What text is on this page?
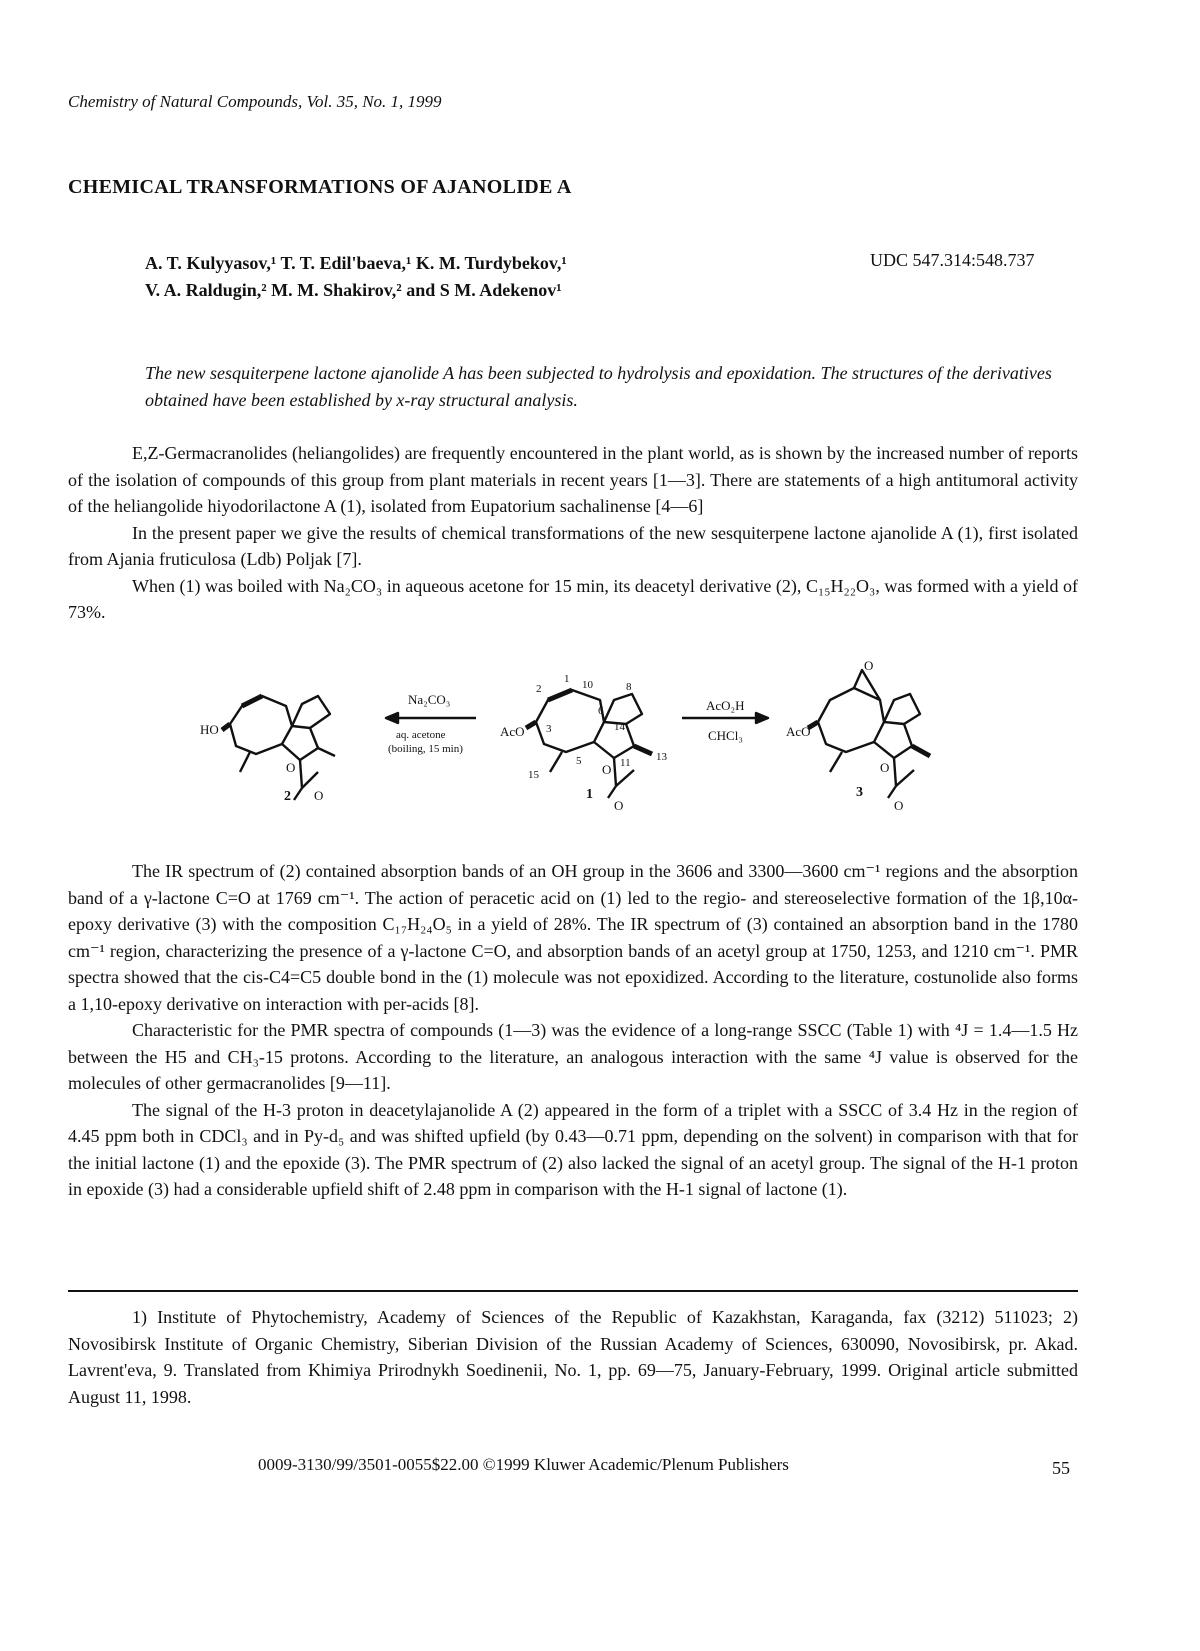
Chemistry of Natural Compounds, Vol. 35, No. 1, 1999
CHEMICAL TRANSFORMATIONS OF AJANOLIDE A
A. T. Kulyyasov,¹ T. T. Edil'baeva,¹ K. M. Turdybekov,¹
V. A. Raldugin,² M. M. Shakirov,² and S M. Adekenov¹
UDC 547.314:548.737
The new sesquiterpene lactone ajanolide A has been subjected to hydrolysis and epoxidation. The structures of the derivatives obtained have been established by x-ray structural analysis.

E,Z-Germacranolides (heliangolides) are frequently encountered in the plant world, as is shown by the increased number of reports of the isolation of compounds of this group from plant materials in recent years [1—3]. There are statements of a high antitumoral activity of the heliangolide hiyodorilactone A (1), isolated from Eupatorium sachalinense [4—6]

In the present paper we give the results of chemical transformations of the new sesquiterpene lactone ajanolide A (1), first isolated from Ajania fruticulosa (Ldb) Poljak [7].

When (1) was boiled with Na₂CO₃ in aqueous acetone for 15 min, its deacetyl derivative (2), C₁₅H₂₂O₃, was formed with a yield of 73%.

HO
O
O
AcO
O
O
AcO
O
O
O
1
2
3
5
6
8
10
11 13
14
15
Na₂CO₃
aq. acetone
(boiling, 15 min)
AcO₂H
CHCl₃
2	1	3

The IR spectrum of (2) contained absorption bands of an OH group in the 3606 and 3300—3600 cm⁻¹ regions and the absorption band of a γ-lactone C=O at 1769 cm⁻¹. The action of peracetic acid on (1) led to the regio- and stereoselective formation of the 1β,10α-epoxy derivative (3) with the composition C₁₇H₂₄O₅ in a yield of 28%. The IR spectrum of (3) contained an absorption band in the 1780 cm⁻¹ region, characterizing the presence of a γ-lactone C=O, and absorption bands of an acetyl group at 1750, 1253, and 1210 cm⁻¹. PMR spectra showed that the cis-C4=C5 double bond in the (1) molecule was not epoxidized. According to the literature, costunolide also forms a 1,10-epoxy derivative on interaction with per-acids [8].

Characteristic for the PMR spectra of compounds (1—3) was the evidence of a long-range SSCC (Table 1) with ⁴J = 1.4—1.5 Hz between the H5 and CH₃-15 protons. According to the literature, an analogous interaction with the same ⁴J value is observed for the molecules of other germacranolides [9—11].

The signal of the H-3 proton in deacetylajanolide A (2) appeared in the form of a triplet with a SSCC of 3.4 Hz in the region of 4.45 ppm both in CDCl₃ and in Py-d₅ and was shifted upfield (by 0.43—0.71 ppm, depending on the solvent) in comparison with that for the initial lactone (1) and the epoxide (3). The PMR spectrum of (2) also lacked the signal of an acetyl group. The signal of the H-1 proton in epoxide (3) had a considerable upfield shift of 2.48 ppm in comparison with the H-1 signal of lactone (1).

1) Institute of Phytochemistry, Academy of Sciences of the Republic of Kazakhstan, Karaganda, fax (3212) 511023; 2) Novosibirsk Institute of Organic Chemistry, Siberian Division of the Russian Academy of Sciences, 630090, Novosibirsk, pr. Akad. Lavrent'eva, 9. Translated from Khimiya Prirodnykh Soedinenii, No. 1, pp. 69—75, January-February, 1999. Original article submitted August 11, 1998.

0009-3130/99/3501-0055$22.00 ©1999 Kluwer Academic/Plenum Publishers	55
